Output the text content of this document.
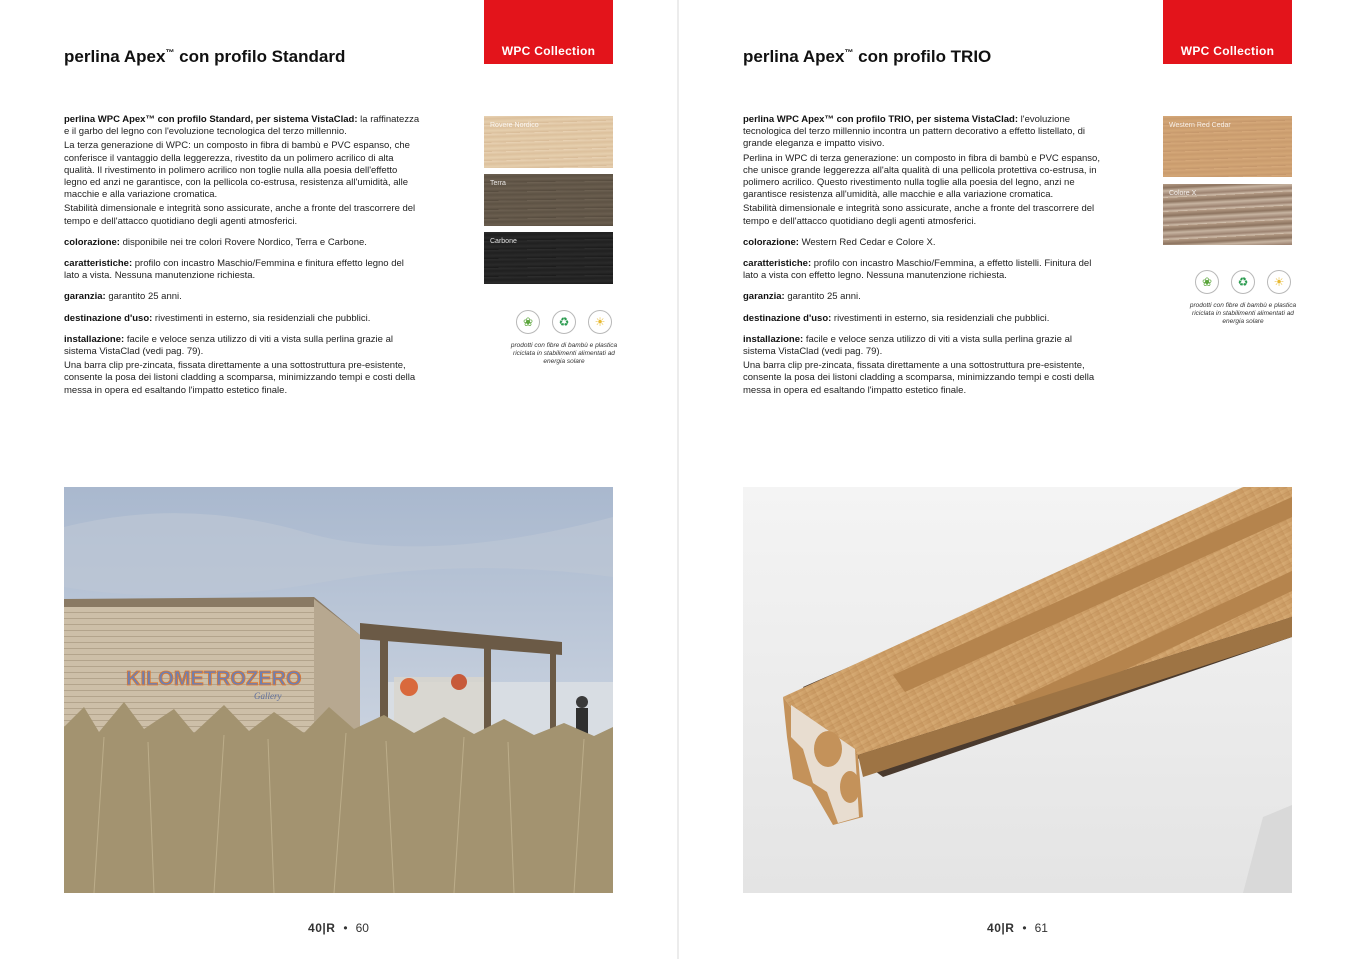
WPC Collection
perlina Apex™ con profilo Standard

perlina WPC Apex™ con profilo Standard, per sistema VistaClad: la raffinatezza e il garbo del legno con l'evoluzione tecnologica del terzo millennio.

La terza generazione di WPC: un composto in fibra di bambù e PVC espanso, che conferisce il vantaggio della leggerezza, rivestito da un polimero acrilico di alta qualità. Il rivestimento in polimero acrilico non toglie nulla alla poesia dell'effetto legno ed anzi ne garantisce, con la pellicola co-estrusa, resistenza all'umidità, alle macchie e alla variazione cromatica.

Stabilità dimensionale e integrità sono assicurate, anche a fronte del trascorrere del tempo e dell'attacco quotidiano degli agenti atmosferici.

colorazione: disponibile nei tre colori Rovere Nordico, Terra e Carbone.

caratteristiche: profilo con incastro Maschio/Femmina e finitura effetto legno del lato a vista. Nessuna manutenzione richiesta.

garanzia: garantito 25 anni.

destinazione d'uso: rivestimenti in esterno, sia residenziali che pubblici.

installazione: facile e veloce senza utilizzo di viti a vista sulla perlina grazie al sistema VistaClad (vedi pag. 79).

Una barra clip pre-zincata, fissata direttamente a una sottostruttura pre-esistente, consente la posa dei listoni cladding a scomparsa, minimizzando tempi e costi della messa in opera ed esaltando l'impatto estetico finale.

Rovere Nordico
Terra
Carbone
❀	♻	☀
prodotti con fibre di bambù e plastica riciclata in stabilimenti alimentati ad energia solare
KILOMETROZERO
Gallery
40|R • 60
WPC Collection
perlina Apex™ con profilo TRIO

perlina WPC Apex™ con profilo TRIO, per sistema VistaClad: l'evoluzione tecnologica del terzo millennio incontra un pattern decorativo a effetto listellato, di grande eleganza e impatto visivo.

Perlina in WPC di terza generazione: un composto in fibra di bambù e PVC espanso, che unisce grande leggerezza all'alta qualità di una pellicola protettiva co-estrusa, in polimero acrilico. Questo rivestimento nulla toglie alla poesia del legno, anzi ne garantisce resistenza all'umidità, alle macchie e alla variazione cromatica.

Stabilità dimensionale e integrità sono assicurate, anche a fronte del trascorrere del tempo e dell'attacco quotidiano degli agenti atmosferici.

colorazione: Western Red Cedar e Colore X.

caratteristiche: profilo con incastro Maschio/Femmina, a effetto listelli. Finitura del lato a vista con effetto legno. Nessuna manutenzione richiesta.

garanzia: garantito 25 anni.

destinazione d'uso: rivestimenti in esterno, sia residenziali che pubblici.

installazione: facile e veloce senza utilizzo di viti a vista sulla perlina grazie al sistema VistaClad (vedi pag. 79).

Una barra clip pre-zincata, fissata direttamente a una sottostruttura pre-esistente, consente la posa dei listoni cladding a scomparsa, minimizzando tempi e costi della messa in opera ed esaltando l'impatto estetico finale.

Western Red Cedar
Colore X
❀	♻	☀
prodotti con fibre di bambù e plastica riciclata in stabilimenti alimentati ad energia solare
40|R • 61
